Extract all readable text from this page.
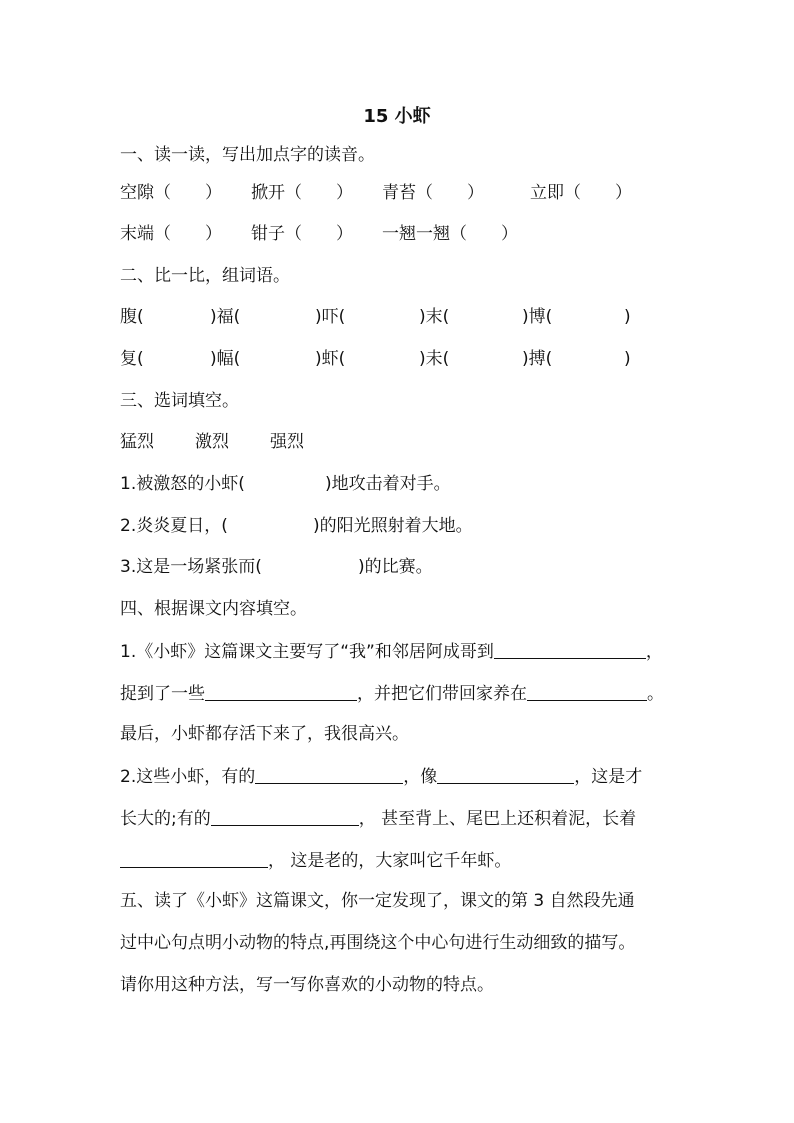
15 小虾
一、读一读，写出加点字的读音。
空隙（　　） 掀开（　　） 青苔（　　）	立即（　　）
末端（　　） 钳子（　　） 一翘一翘（　　）
二、比一比，组词语。
腹(	)福(	)吓(	)末(	)博(	)
复(	)幅(	)虾(	)未(	)搏(	)
三、选词填空。
猛烈 激烈 强烈
1.被激怒的小虾(	)地攻击着对手。
2.炎炎夏日，(	)的阳光照射着大地。
3.这是一场紧张而(	)的比赛。
四、根据课文内容填空。
1.《小虾》这篇课文主要写了“我”和邻居阿成哥到	，
捉到了一些	，并把它们带回家养在	。
最后，小虾都存活下来了，我很高兴。
2.这些小虾，有的	，像	，这是才
长大的;有的	， 甚至背上、尾巴上还积着泥，长着
， 这是老的，大家叫它千年虾。
五、读了《小虾》这篇课文，你一定发现了，课文的第 3 自然段先通
过中心句点明小动物的特点,再围绕这个中心句进行生动细致的描写。
请你用这种方法，写一写你喜欢的小动物的特点。
